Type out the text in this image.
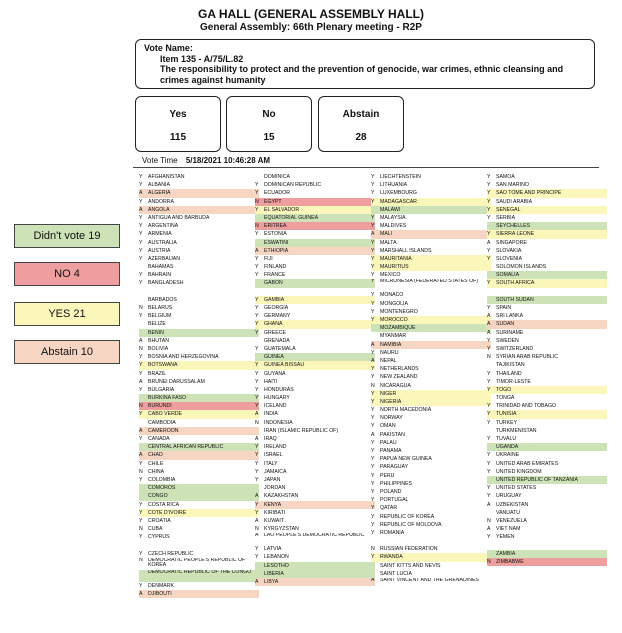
GA HALL (GENERAL ASSEMBLY HALL)
General Assembly: 66th Plenary meeting - R2P
Vote Name:
Item 135 - A/75/L.82
The responsibility to protect and the prevention of genocide, war crimes, ethnic cleansing and crimes against humanity
Yes
115
No
15
Abstain
28
Vote Time 5/18/2021 10:46:28 AM
Didn't vote 19
NO 4
YES 21
Abstain 10
Y	AFGHANISTAN
Y	ALBANIA
A	ALGERIA
Y	ANDORRA
A	ANGOLA
Y	ANTIGUA AND BARBUDA
Y	ARGENTINA
Y	ARMENIA
Y	AUSTRALIA
Y	AUSTRIA
Y	AZERBAIJAN
BAHAMAS
Y	BAHRAIN
Y	BANGLADESH
BARBADOS
N	BELARUS
Y	BELGIUM
BELIZE
BENIN
A	BHUTAN
N	BOLIVIA
Y	BOSNIA AND HERZEGOVINA
Y	BOTSWANA
Y	BRAZIL
A	BRUNEI DARUSSALAM
Y	BULGARIA
BURKINA FASO
N	BURUNDI
Y	CABO VERDE
CAMBODIA
A	CAMEROON
Y	CANADA
CENTRAL AFRICAN REPUBLIC
A	CHAD
Y	CHILE
N	CHINA
Y	COLOMBIA
COMOROS
CONGO
Y	COSTA RICA
Y	COTE D'IVOIRE
Y	CROATIA
N	CUBA
Y	CYPRUS
Y	CZECH REPUBLIC
N	DEMOCRATIC PEOPLE'S REPUBLIC OF KOREA
DEMOCRATIC REPUBLIC OF THE CONGO
Y	DENMARK
A	DJIBOUTI
DOMINICA
Y	DOMINICAN REPUBLIC
Y	ECUADOR
N	EGYPT
Y	EL SALVADOR
EQUATORIAL GUINEA
N	ERITREA
Y	ESTONIA
ESWATINI
A	ETHIOPIA
Y	FIJI
Y	FINLAND
Y	FRANCE
GABON
Y	GAMBIA
Y	GEORGIA
Y	GERMANY
Y	GHANA
Y	GREECE
GRENADA
Y	GUATEMALA
GUINEA
Y	GUINEA BISSAU
Y	GUYANA
Y	HAITI
Y	HONDURAS
Y	HUNGARY
Y	ICELAND
A	INDIA
N	INDONESIA
IRAN (ISLAMIC REPUBLIC OF)
A	IRAQ
Y	IRELAND
Y	ISRAEL
Y	ITALY
Y	JAMAICA
Y	JAPAN
JORDAN
A	KAZAKHSTAN
Y	KENYA
Y	KIRIBATI
A	KUWAIT
N	KYRGYZSTAN
A	LAO PEOPLE'S DEMOCRATIC REPUBLIC
Y	LATVIA
Y	LEBANON
LESOTHO
LIBERIA
A	LIBYA
Y	LIECHTENSTEIN
Y	LITHUANIA
Y	LUXEMBOURG
Y	MADAGASCAR
MALAWI
Y	MALAYSIA
Y	MALDIVES
A	MALI
Y	MALTA
Y	MARSHALL ISLANDS
Y	MAURITANIA
Y	MAURITIUS
Y	MEXICO
Y	MICRONESIA (FEDERATED STATES OF)
Y	MONACO
Y	MONGOLIA
Y	MONTENEGRO
Y	MOROCCO
MOZAMBIQUE
MYANMAR
A	NAMIBIA
Y	NAURU
A	NEPAL
Y	NETHERLANDS
Y	NEW ZEALAND
N	NICARAGUA
Y	NIGER
Y	NIGERIA
Y	NORTH MACEDONIA
Y	NORWAY
Y	OMAN
A	PAKISTAN
Y	PALAU
Y	PANAMA
Y	PAPUA NEW GUINEA
Y	PARAGUAY
Y	PERU
Y	PHILIPPINES
Y	POLAND
Y	PORTUGAL
Y	QATAR
Y	REPUBLIC OF KOREA
Y	REPUBLIC OF MOLDOVA
Y	ROMANIA
N	RUSSIAN FEDERATION
Y	RWANDA
SAINT KITTS AND NEVIS
SAINT LUCIA
A	SAINT VINCENT AND THE GRENADINES
Y	SAMOA
Y	SAN MARINO
Y	SAO TOME AND PRINCIPE
Y	SAUDI ARABIA
Y	SENEGAL
Y	SERBIA
SEYCHELLES
Y	SIERRA LEONE
A	SINGAPORE
Y	SLOVAKIA
Y	SLOVENIA
SOLOMON ISLANDS
SOMALIA
Y	SOUTH AFRICA
SOUTH SUDAN
Y	SPAIN
A	SRI LANKA
A	SUDAN
A	SURINAME
Y	SWEDEN
Y	SWITZERLAND
N	SYRIAN ARAB REPUBLIC
TAJIKISTAN
Y	THAILAND
Y	TIMOR-LESTE
Y	TOGO
TONGA
Y	TRINIDAD AND TOBAGO
Y	TUNISIA
Y	TURKEY
TURKMENISTAN
Y	TUVALU
UGANDA
Y	UKRAINE
Y	UNITED ARAB EMIRATES
Y	UNITED KINGDOM
UNITED REPUBLIC OF TANZANIA
Y	UNITED STATES
Y	URUGUAY
A	UZBEKISTAN
VANUATU
N	VENEZUELA
A	VIET NAM
Y	YEMEN
ZAMBIA
N	ZIMBABWE
